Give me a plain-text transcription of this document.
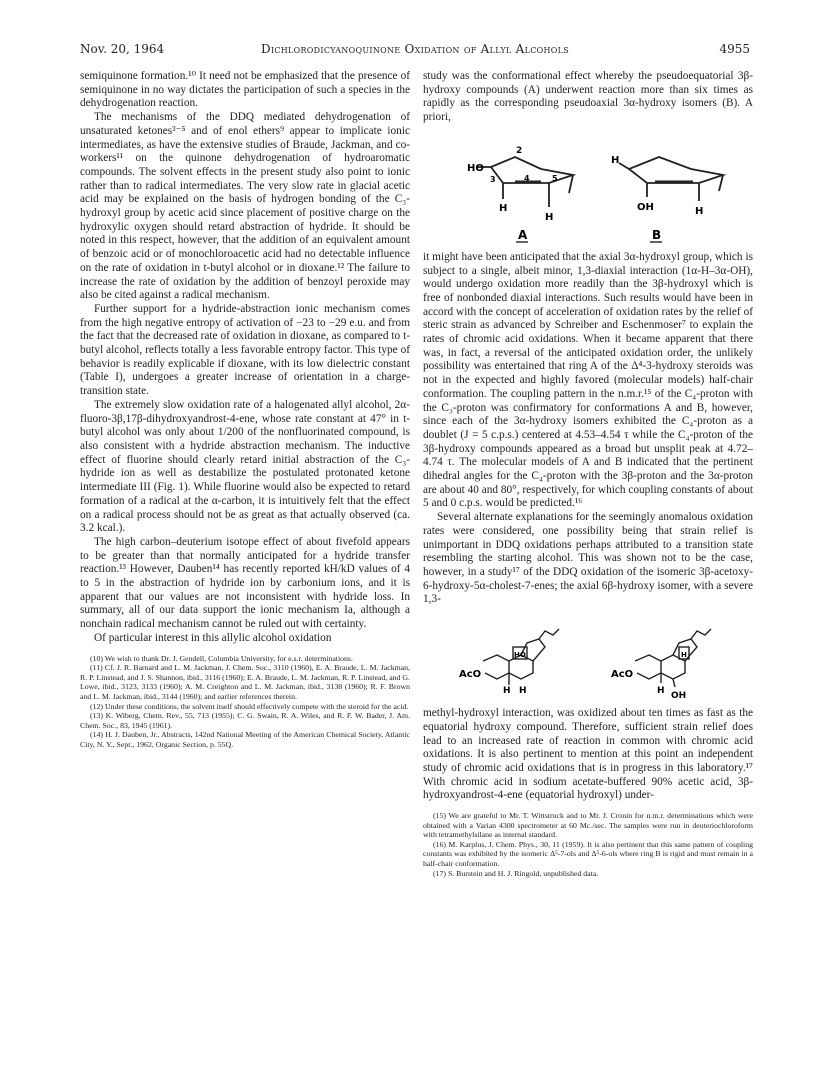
Nov. 20, 1964	Dichlorodicyanoquinone Oxidation of Allyl Alcohols	4955

semiquinone formation.¹⁰ It need not be emphasized that the presence of semiquinone in no way dictates the participation of such a species in the dehydrogenation reaction.

The mechanisms of the DDQ mediated dehydrogenation of unsaturated ketones³⁻⁵ and of enol ethers⁹ appear to implicate ionic intermediates, as have the extensive studies of Braude, Jackman, and co-workers¹¹ on the quinone dehydrogenation of hydroaromatic compounds. The solvent effects in the present study also point to ionic rather than to radical intermediates. The very slow rate in glacial acetic acid may be explained on the basis of hydrogen bonding of the C₃-hydroxyl group by acetic acid since placement of positive charge on the hydroxylic oxygen should retard abstraction of hydride. It should be noted in this respect, however, that the addition of an equivalent amount of benzoic acid or of monochloroacetic acid had no detectable influence on the rate of oxidation in t-butyl alcohol or in dioxane.¹² The failure to increase the rate of oxidation by the addition of benzoyl peroxide may also be cited against a radical mechanism.

Further support for a hydride-abstraction ionic mechanism comes from the high negative entropy of activation of −23 to −29 e.u. and from the fact that the decreased rate of oxidation in dioxane, as compared to t-butyl alcohol, reflects totally a less favorable entropy factor. This type of behavior is readily explicable if dioxane, with its low dielectric constant (Table I), undergoes a greater increase of orientation in a charge-transition state.

The extremely slow oxidation rate of a halogenated allyl alcohol, 2α-fluoro-3β,17β-dihydroxyandrost-4-ene, whose rate constant at 47° in t-butyl alcohol was only about 1/200 of the nonfluorinated compound, is also consistent with a hydride abstraction mechanism. The inductive effect of fluorine should clearly retard initial abstraction of the C₃-hydride ion as well as destabilize the postulated protonated ketone intermediate III (Fig. 1). While fluorine would also be expected to retard formation of a radical at the α-carbon, it is intuitively felt that the effect on a radical process should not be as great as that actually observed (ca. 3.2 kcal.).

The high carbon–deuterium isotope effect of about fivefold appears to be greater than that normally anticipated for a hydride transfer reaction.¹³ However, Dauben¹⁴ has recently reported kH/kD values of 4 to 5 in the abstraction of hydride ion by carbonium ions, and it is apparent that our values are not inconsistent with hydride loss. In summary, all of our data support the ionic mechanism Ia, although a nonchain radical mechanism cannot be ruled out with certainty.

Of particular interest in this allylic alcohol oxidation

(10) We wish to thank Dr. J. Gendell, Columbia University, for e.s.r. determinations.

(11) Cf. J. R. Barnard and L. M. Jackman, J. Chem. Soc., 3110 (1960), E. A. Braude, L. M. Jackman, R. P. Linstead, and J. S. Shannon, ibid., 3116 (1960); E. A. Braude, L. M. Jackman, R. P. Linstead, and G. Lowe, ibid., 3123, 3133 (1960); A. M. Creighton and L. M. Jackman, ibid., 3138 (1960); R. F. Brown and L. M. Jackman, ibid., 3144 (1960); and earlier references therein.

(12) Under these conditions, the solvent itself should effectively compete with the steroid for the acid.

(13) K. Wiberg, Chem. Rev., 55, 713 (1955); C. G. Swain, R. A. Wiles, and R. F. W. Bader, J. Am. Chem. Soc., 83, 1945 (1961).

(14) H. J. Dauben, Jr., Abstracts, 142nd National Meeting of the American Chemical Society, Atlantic City, N. Y., Sept., 1962, Organic Section, p. 55Q.

study was the conformational effect whereby the pseudoequatorial 3β-hydroxy compounds (A) underwent reaction more than six times as rapidly as the corresponding pseudoaxial 3α-hydroxy isomers (B). A priori,

HO
2
3	4	5
H
H
H
OH	H
A	B

it might have been anticipated that the axial 3α-hydroxyl group, which is subject to a single, albeit minor, 1,3-diaxial interaction (1α-H–3α-OH), would undergo oxidation more readily than the 3β-hydroxyl which is free of nonbonded diaxial interactions. Such results would have been in accord with the concept of acceleration of oxidation rates by the relief of steric strain as advanced by Schreiber and Eschenmoser⁷ to explain the rates of chromic acid oxidations. When it became apparent that there was, in fact, a reversal of the anticipated oxidation order, the unlikely possibility was entertained that ring A of the Δ⁴-3-hydroxy steroids was not in the expected and highly favored (molecular models) half-chair conformation. The coupling pattern in the n.m.r.¹⁵ of the C₄-proton with the C₃-proton was confirmatory for conformations A and B, however, since each of the 3α-hydroxy isomers exhibited the C₄-proton as a doublet (J = 5 c.p.s.) centered at 4.53–4.54 τ while the C₄-proton of the 3β-hydroxy compounds appeared as a broad but unsplit peak at 4.72–4.74 τ. The molecular models of A and B indicated that the pertinent dihedral angles for the C₄-proton with the 3β-proton and the 3α-proton are about 40 and 80°, respectively, for which coupling constants of about 5 and 0 c.p.s. would be predicted.¹⁶

Several alternate explanations for the seemingly anomalous oxidation rates were considered, one possibility being that strain relief is unimportant in DDQ oxidations perhaps attributed to a transition state resembling the starting alcohol. This was shown not to be the case, however, in a study¹⁷ of the DDQ oxidation of the isomeric 3β-acetoxy-6-hydroxy-5α-cholest-7-enes; the axial 6β-hydroxy isomer, with a severe 1,3-

AcO
HO
H H
AcO
H
H OH

methyl-hydroxyl interaction, was oxidized about ten times as fast as the equatorial hydroxy compound. Therefore, sufficient strain relief does lead to an increased rate of reaction in common with chromic acid oxidations. It is also pertinent to mention at this point an independent study of chromic acid oxidations that is in progress in this laboratory.¹⁷ With chromic acid in sodium acetate-buffered 90% acetic acid, 3β-hydroxyandrost-4-ene (equatorial hydroxyl) under-

(15) We are grateful to Mr. T. Wittstruck and to Mr. J. Cronin for n.m.r. determinations which were obtained with a Varian 4300 spectrometer at 60 Mc./sec. The samples were run in deuteriochloroform with tetramethylsilane as internal standard.

(16) M. Karplus, J. Chem. Phys., 30, 11 (1959). It is also pertinent that this same pattern of coupling constants was exhibited by the isomeric Δ⁵-7-ols and Δ⁵-6-ols where ring B is rigid and must remain in a half-chair conformation.

(17) S. Burstein and H. J. Ringold, unpublished data.
